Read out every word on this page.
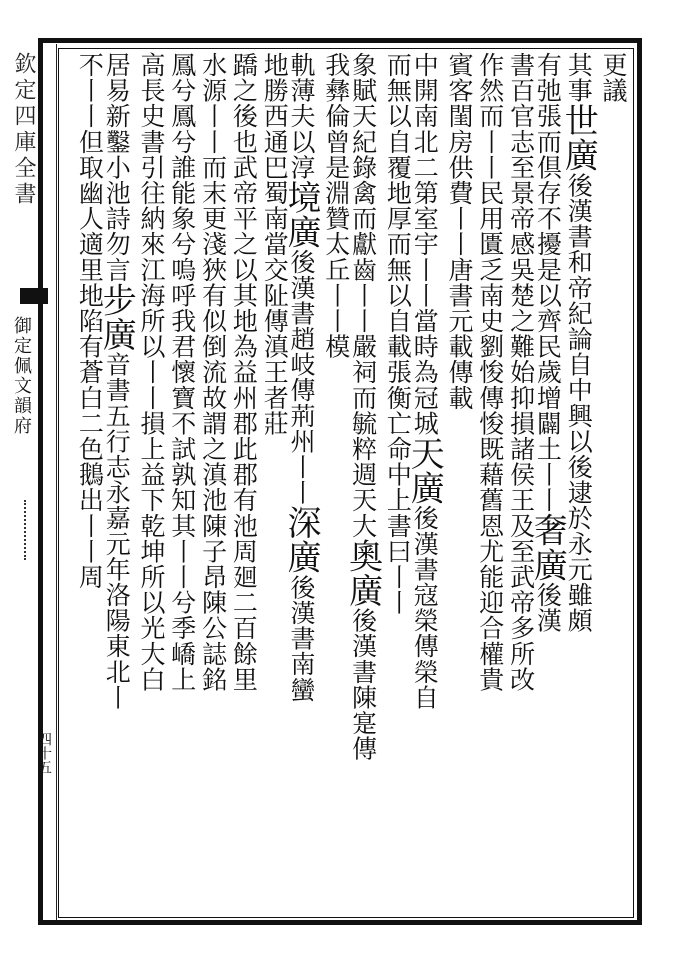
欽定四庫全書
御定佩文韻府
四十五
更議
其事世廣後漢書和帝紀論自中興以後逮於永元雖頗
有弛張而倶存不擾是以齊民歲增闢土丨丨奢廣後漢
書百官志至景帝感吳楚之難始抑損諸侯王及至武帝多所改
作然而丨丨民用匱乏南史劉悛傳悛既藉舊恩尤能迎合權貴
賓客閨房供費丨丨唐書元載傳載
中開南北二第室宇丨丨當時為冠城天廣後漢書寇榮傳榮自
而無以自覆地厚而無以自載張衡亡命中上書曰丨丨
象賦天紀錄禽而獻齒丨丨嚴祠而毓粹週天大奧廣後漢書陳寔傳
我彝倫曾是淵贊太丘丨丨模
軌薄夫以淳境廣後漢書趙岐傳荊州丨丨深廣後漢書南蠻
地勝西通巴蜀南當交阯傳滇王者莊
蹻之後也武帝平之以其地為益州郡此郡有池周廻二百餘里
水源丨丨而末更淺狹有似倒流故謂之滇池陳子昂陳公誌銘
鳳兮鳳兮誰能象兮嗚呼我君懷寶不試孰知其丨丨兮季嶠上
高長史書引往納來江海所以丨丨損上益下乾坤所以光大白
居易新鑿小池詩勿言步廣音書五行志永嘉元年洛陽東北丨
不丨丨但取幽人適里地陷有蒼白二色鵝出丨丨周
